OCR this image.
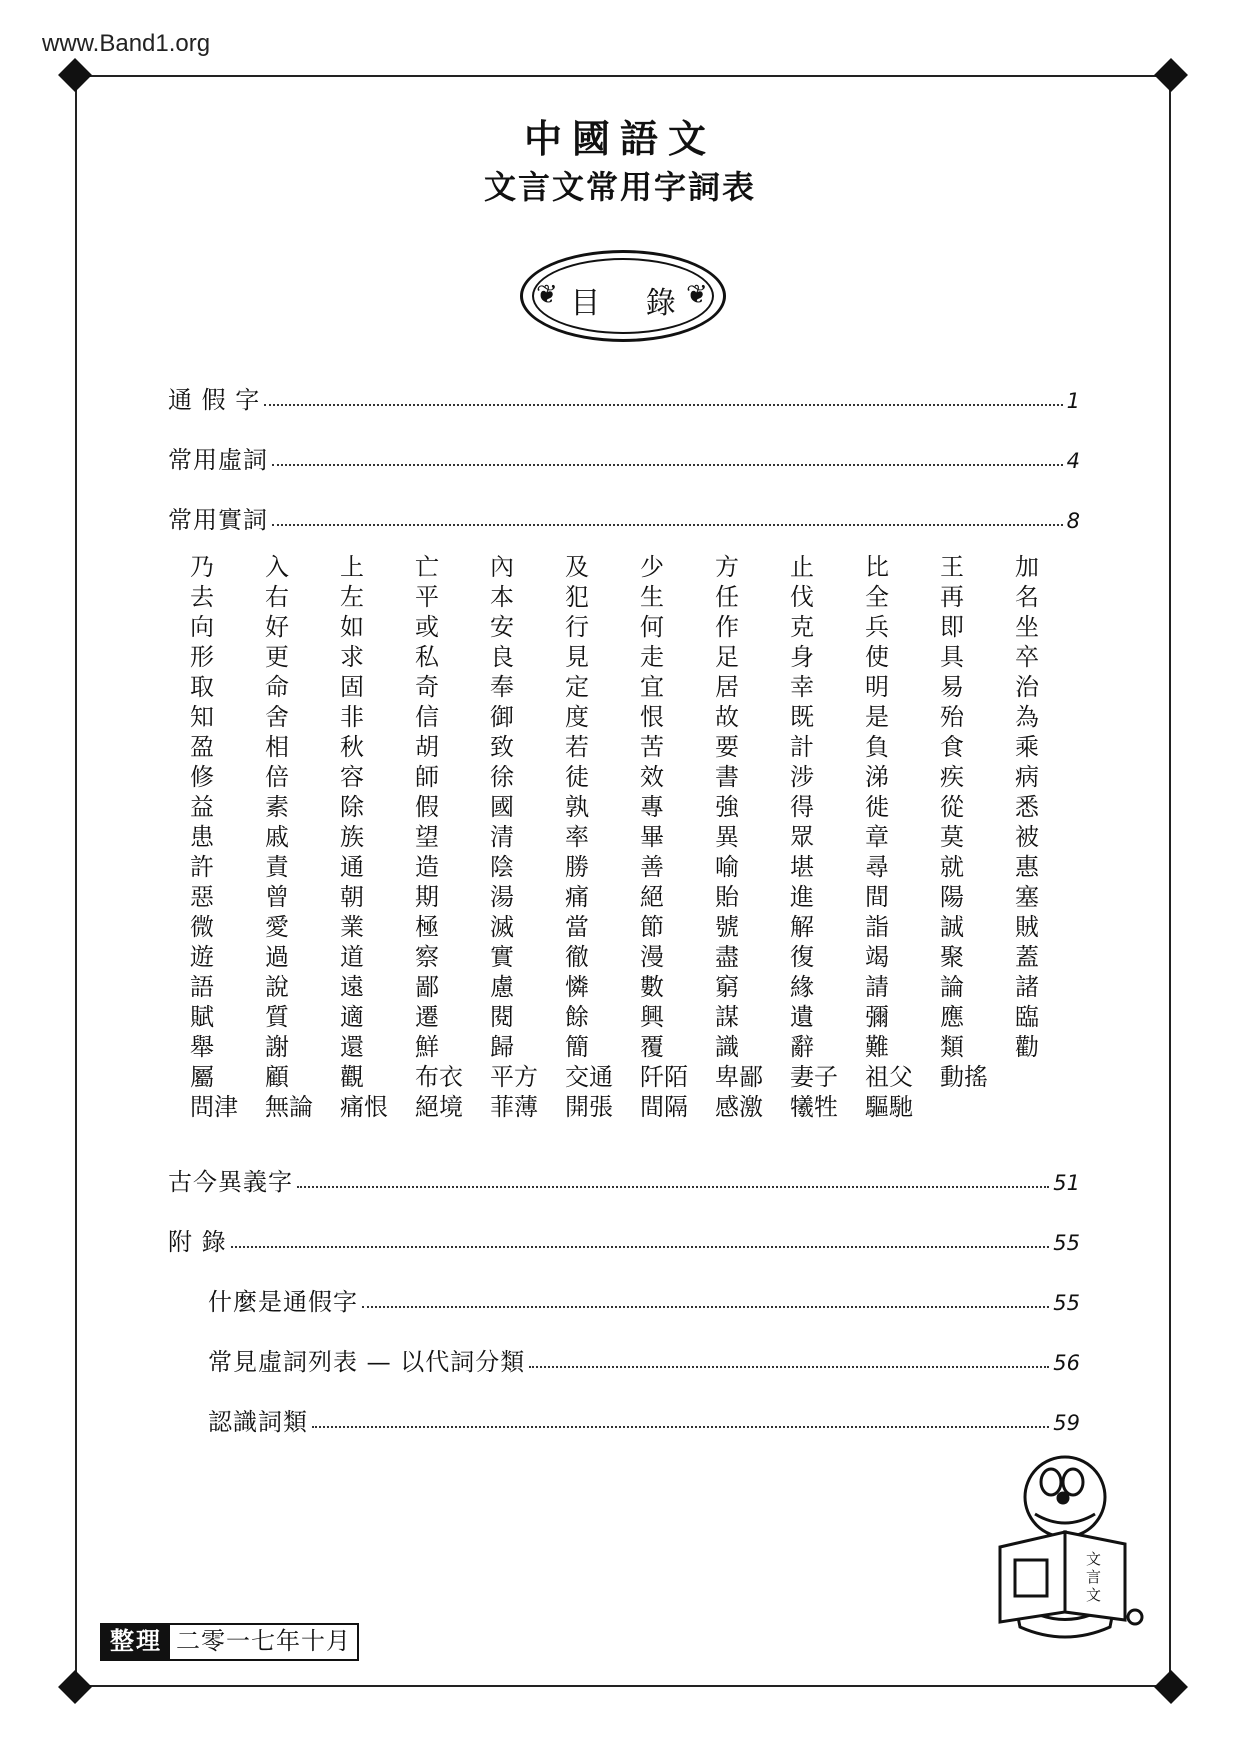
www.Band1.org
中國語文
文言文常用字詞表
❦	❦
目 錄
通 假 字	1
常用虛詞	4
常用實詞	8
乃	入	上	亡	內	及	少	方	止	比	王	加
去	右	左	平	本	犯	生	任	伐	全	再	名
向	好	如	或	安	行	何	作	克	兵	即	坐
形	更	求	私	良	見	走	足	身	使	具	卒
取	命	固	奇	奉	定	宜	居	幸	明	易	治
知	舍	非	信	御	度	恨	故	既	是	殆	為
盈	相	秋	胡	致	若	苦	要	計	負	食	乘
修	倍	容	師	徐	徒	效	書	涉	涕	疾	病
益	素	除	假	國	孰	專	強	得	徙	從	悉
患	戚	族	望	清	率	畢	異	眾	章	莫	被
許	責	通	造	陰	勝	善	喻	堪	尋	就	惠
惡	曾	朝	期	湯	痛	絕	貽	進	間	陽	塞
微	愛	業	極	滅	當	節	號	解	詣	誠	賊
遊	過	道	察	實	徹	漫	盡	復	竭	聚	蓋
語	說	遠	鄙	慮	憐	數	窮	緣	請	論	諸
賦	質	適	遷	閱	餘	興	謀	遺	彌	應	臨
舉	謝	還	鮮	歸	簡	覆	識	辭	難	類	勸
屬	顧	觀	布衣	平方	交通	阡陌	卑鄙	妻子	祖父	動搖
問津	無論	痛恨	絕境	菲薄	開張	間隔	感激	犧牲	驅馳
古今異義字	51
附 錄	55
什麼是通假字	55
常見虛詞列表 — 以代詞分類	56
認識詞類	59
文
言
文
整理 二零一七年十月
